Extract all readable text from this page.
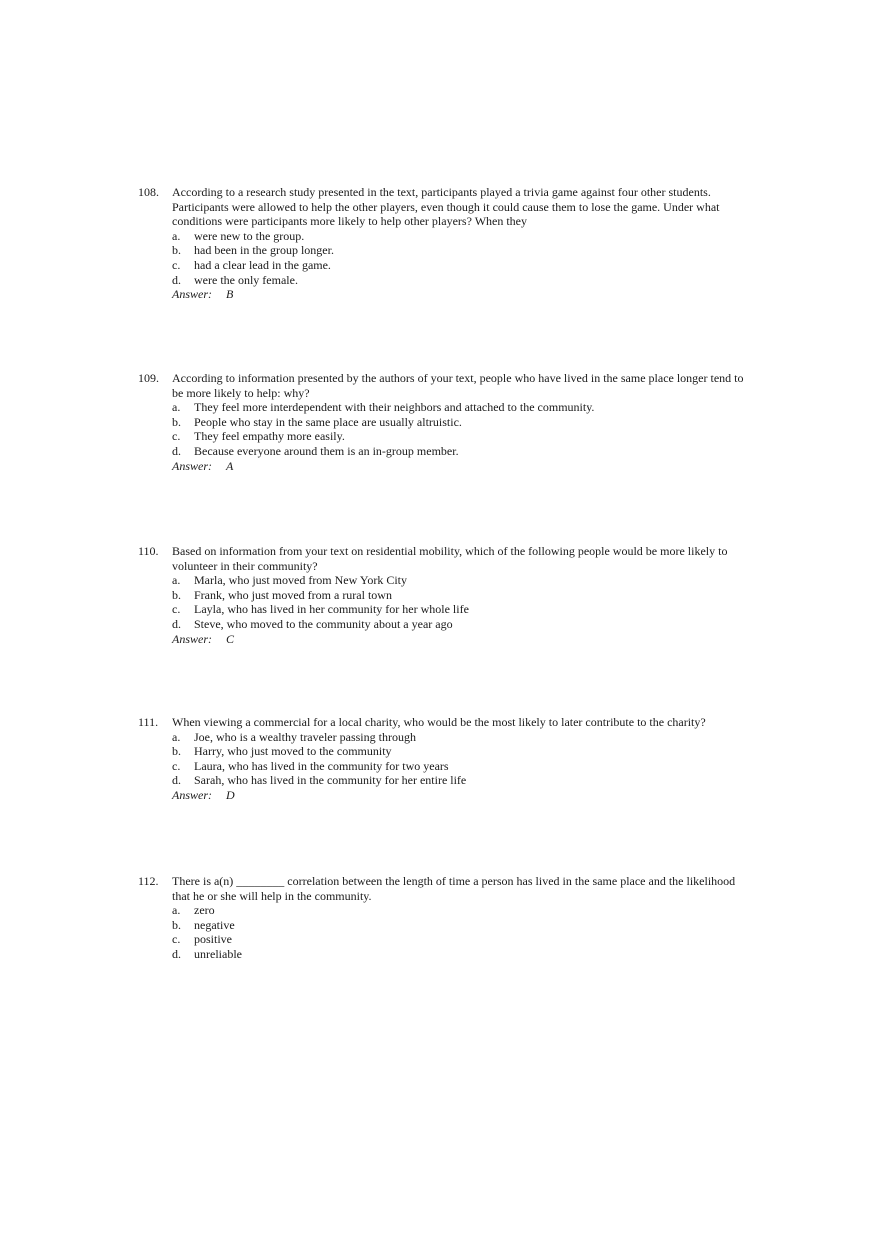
108. According to a research study presented in the text, participants played a trivia game against four other students. Participants were allowed to help the other players, even though it could cause them to lose the game. Under what conditions were participants more likely to help other players? When they
a. were new to the group.
b. had been in the group longer.
c. had a clear lead in the game.
d. were the only female.
Answer: B
109. According to information presented by the authors of your text, people who have lived in the same place longer tend to be more likely to help: why?
a. They feel more interdependent with their neighbors and attached to the community.
b. People who stay in the same place are usually altruistic.
c. They feel empathy more easily.
d. Because everyone around them is an in-group member.
Answer: A
110. Based on information from your text on residential mobility, which of the following people would be more likely to volunteer in their community?
a. Marla, who just moved from New York City
b. Frank, who just moved from a rural town
c. Layla, who has lived in her community for her whole life
d. Steve, who moved to the community about a year ago
Answer: C
111. When viewing a commercial for a local charity, who would be the most likely to later contribute to the charity?
a. Joe, who is a wealthy traveler passing through
b. Harry, who just moved to the community
c. Laura, who has lived in the community for two years
d. Sarah, who has lived in the community for her entire life
Answer: D
112. There is a(n) ________ correlation between the length of time a person has lived in the same place and the likelihood that he or she will help in the community.
a. zero
b. negative
c. positive
d. unreliable
